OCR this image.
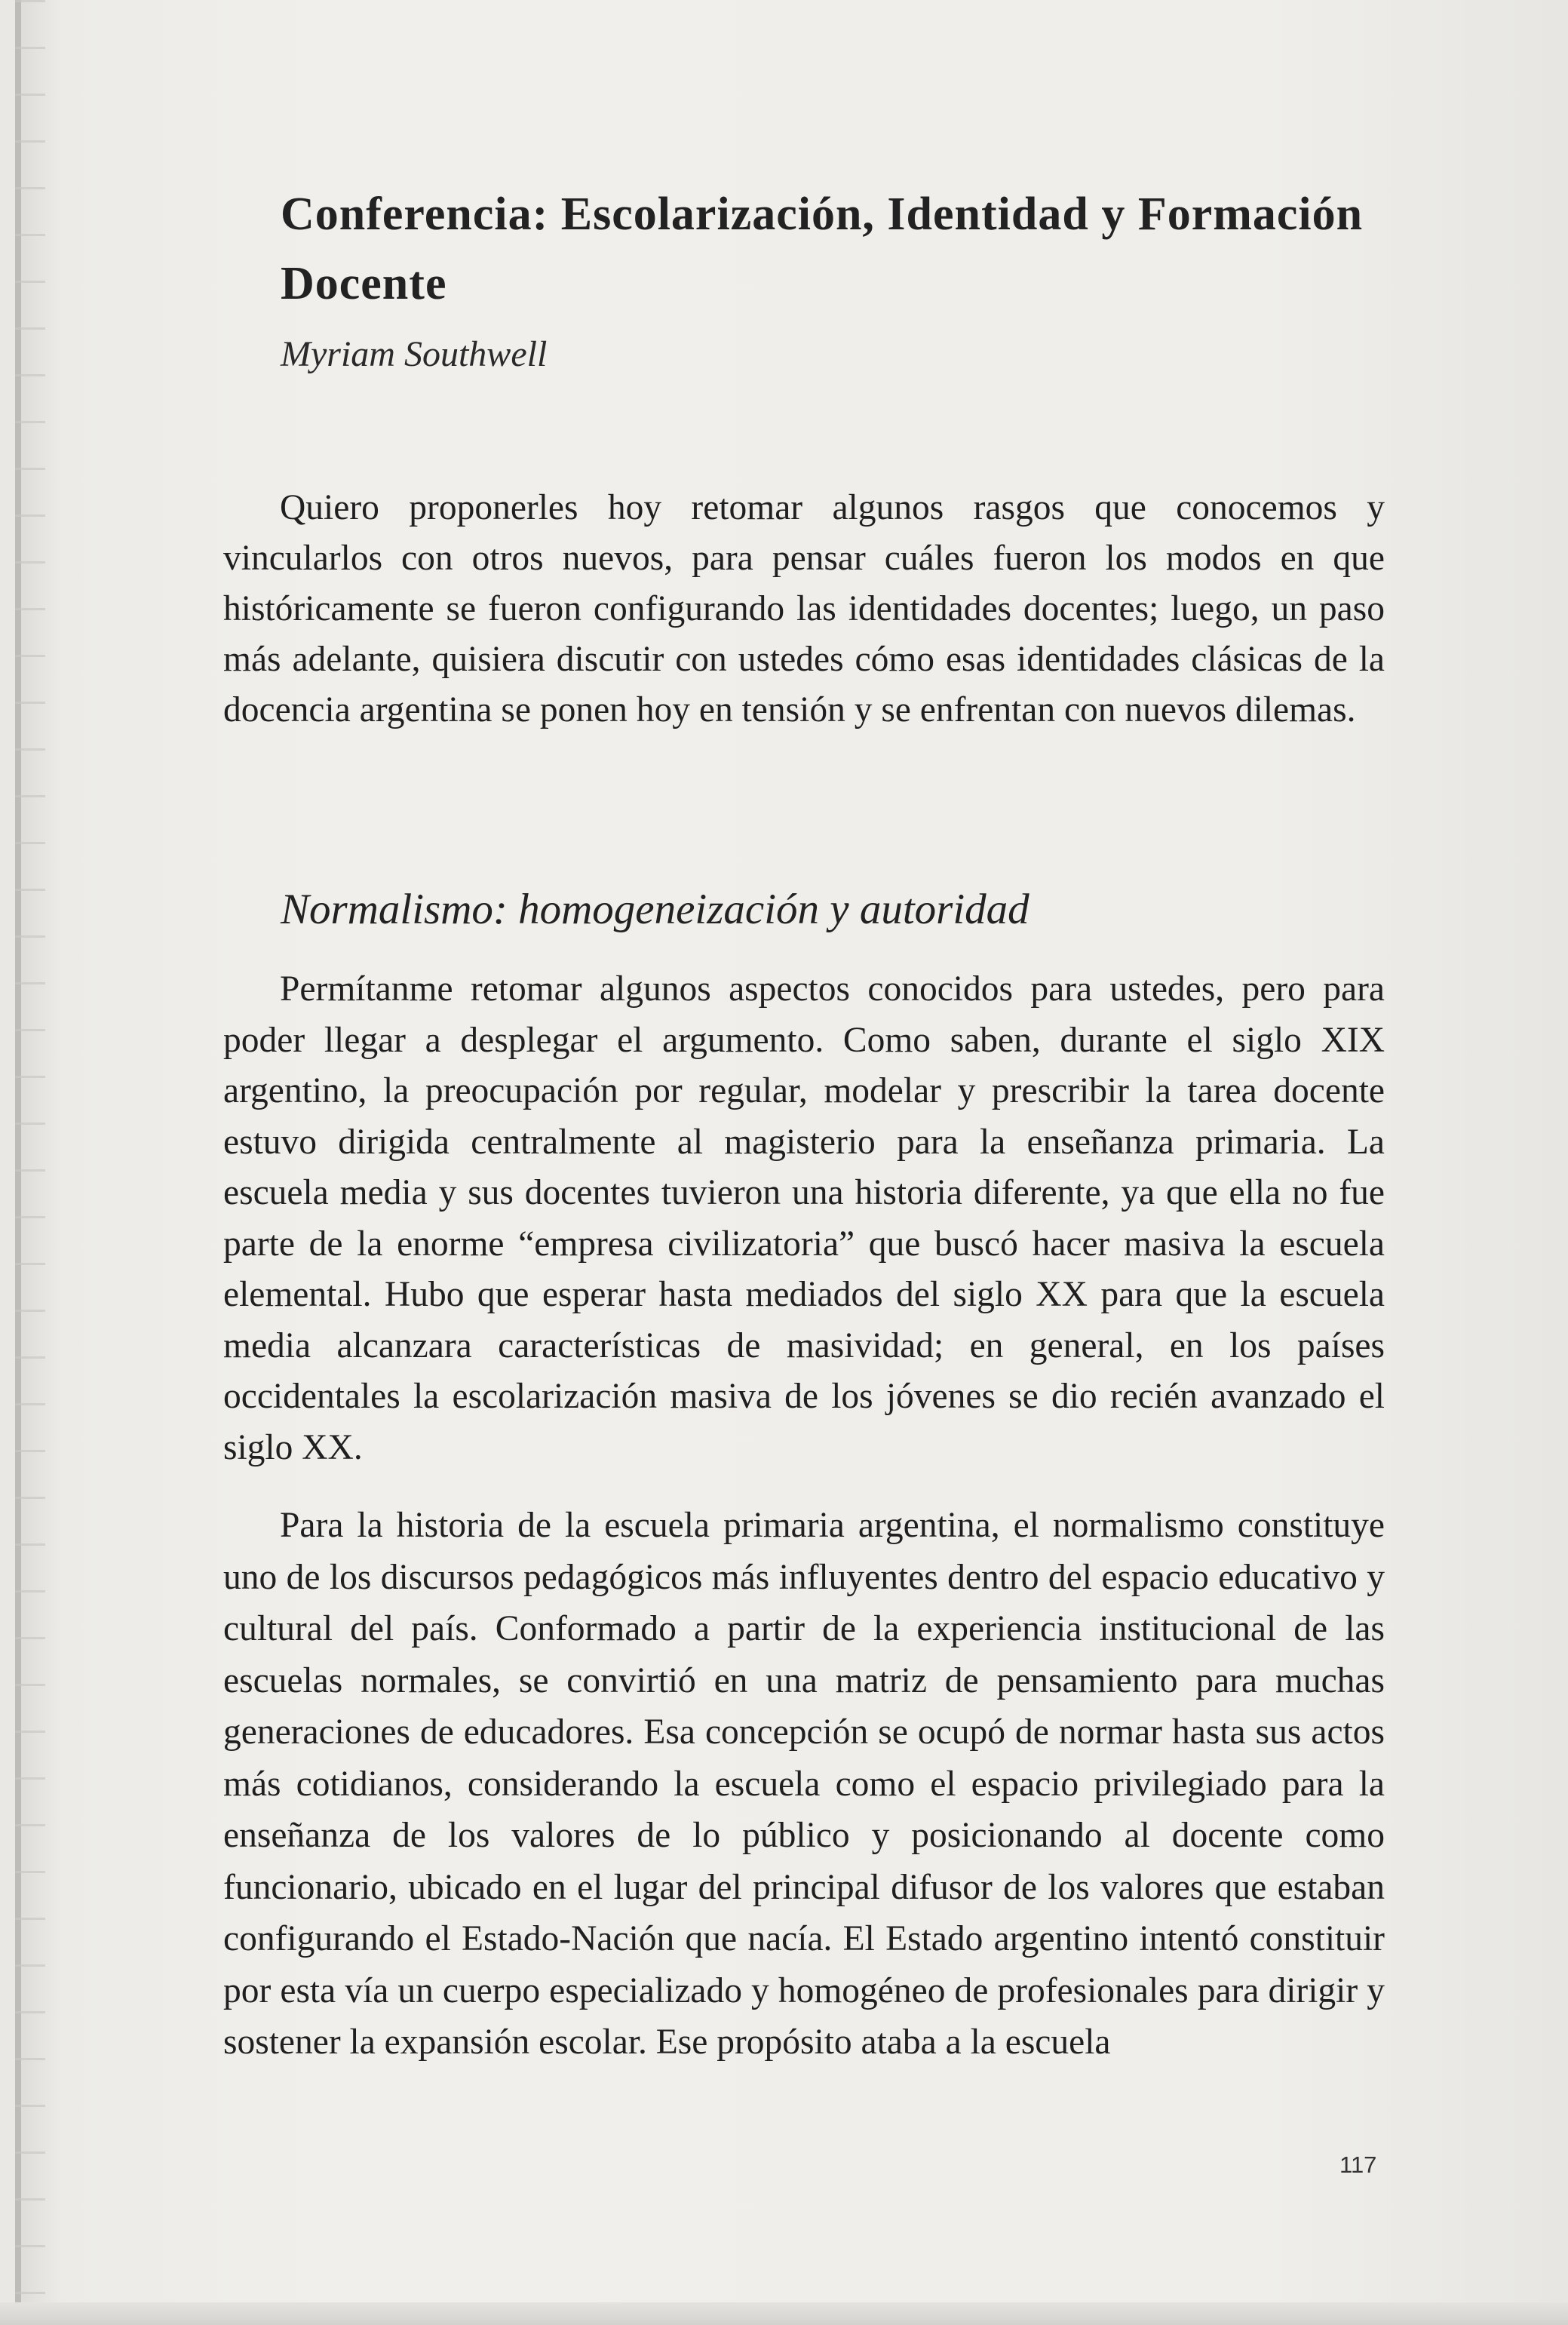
Conferencia: Escolarización, Identidad y Formación Docente

Myriam Southwell

Quiero proponerles hoy retomar algunos rasgos que conocemos y vincularlos con otros nuevos, para pensar cuáles fueron los modos en que históricamente se fueron configurando las identidades docentes; luego, un paso más adelante, quisiera discutir con ustedes cómo esas identidades clásicas de la docencia argentina se ponen hoy en tensión y se enfrentan con nuevos dilemas.

Normalismo: homogeneización y autoridad

Permítanme retomar algunos aspectos conocidos para ustedes, pero para poder llegar a desplegar el argumento. Como saben, durante el siglo XIX argentino, la preocupación por regular, modelar y prescribir la tarea docente estuvo dirigida centralmente al magisterio para la enseñanza primaria. La escuela media y sus docentes tuvieron una historia diferente, ya que ella no fue parte de la enorme “empresa civilizatoria” que buscó hacer masiva la escuela elemental. Hubo que esperar hasta mediados del siglo XX para que la escuela media alcanzara características de masividad; en general, en los países occidentales la escolarización masiva de los jóvenes se dio recién avanzado el siglo XX.

Para la historia de la escuela primaria argentina, el normalismo constituye uno de los discursos pedagógicos más influyentes dentro del espacio educativo y cultural del país. Conformado a partir de la experiencia institucional de las escuelas normales, se convirtió en una matriz de pensamiento para muchas generaciones de educadores. Esa concepción se ocupó de normar hasta sus actos más cotidianos, considerando la escuela como el espacio privilegiado para la enseñanza de los valores de lo público y posicionando al docente como funcionario, ubicado en el lugar del principal difusor de los valores que estaban configurando el Estado-Nación que nacía. El Estado argentino intentó constituir por esta vía un cuerpo especializado y homogéneo de profesionales para dirigir y sostener la expansión escolar. Ese propósito ataba a la escuela

117
